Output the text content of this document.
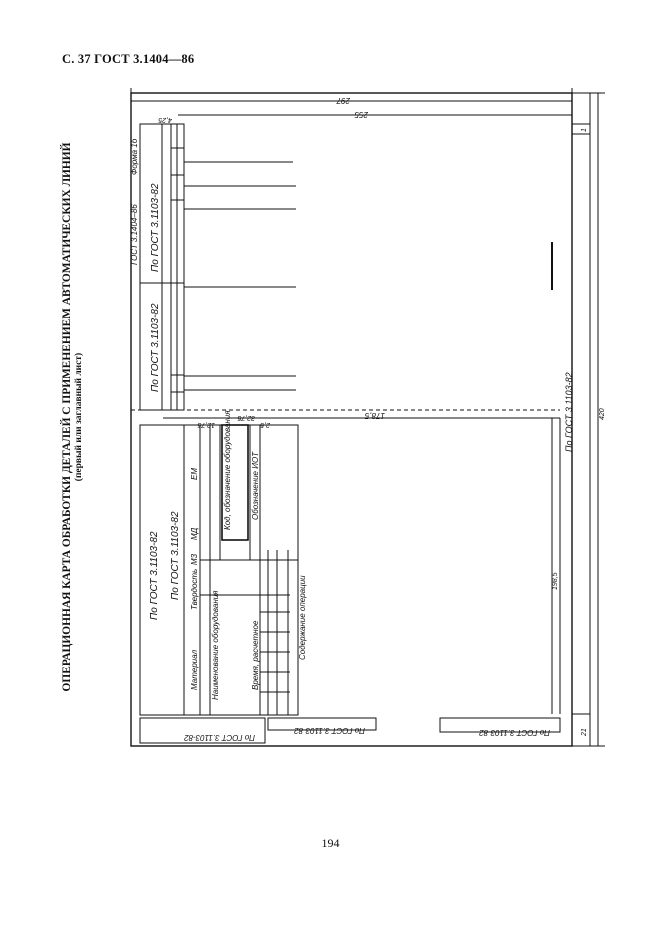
С. 37 ГОСТ 3.1404—86
ОПЕРАЦИОННАЯ КАРТА ОБРАБОТКИ ДЕТАЛЕЙ С ПРИМЕНЕНИЕМ АВТОМАТИЧЕСКИХ ЛИНИЙ (первый или заглавный лист)
297
255
4,25
420
178,5
198,5
21
1
2,5
12,75
32,75
Форма 1б
ГОСТ 3.1404–86 По ГОСТ 3.1103-82
По ГОСТ 3.1103-82
По ГОСТ 3.1103-82
По ГОСТ 3.1103-82 По ГОСТ 3.1103-82
Материал
Твердость
М3
МД
ЕМ
Наименование оборудования
Код, обозначение оборудования Обозначение ИОТ
Время, расчетное	Содержание операции
По ГОСТ 3.1103-82
По ГОСТ 3.1103-82	По ГОСТ 3.1103-82
194
